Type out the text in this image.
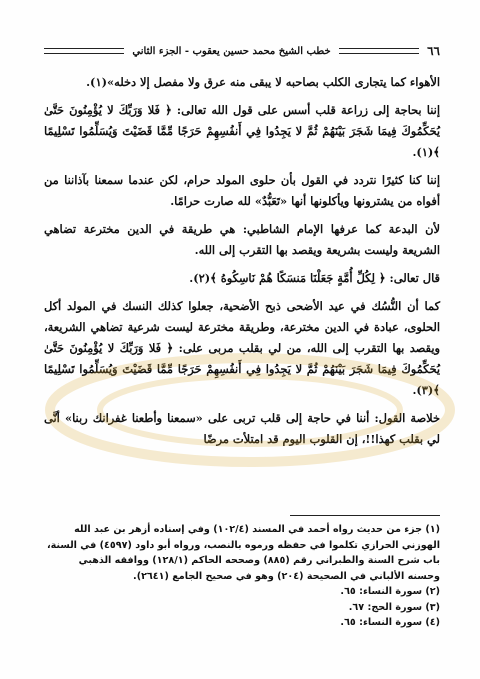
٦٦
خطب الشيخ محمد حسين يعقوب - الجزء الثاني

الأهواء كما يتجارى الكلب بصاحبه لا يبقى منه عرق ولا مفصل إلا دخله»(١).

إننا بحاجة إلى زراعة قلب أسس على قول الله تعالى: ﴿ فَلا وَرَبِّكَ لا يُؤْمِنُونَ حَتَّىٰ يُحَكِّمُوكَ فِيمَا شَجَرَ بَيْنَهُمْ ثُمَّ لا يَجِدُوا فِي أَنفُسِهِمْ حَرَجًا مِّمَّا قَضَيْتَ وَيُسَلِّمُوا تَسْلِيمًا ﴾(١).

إننا كنا كثيرًا نتردد في القول بأن حلوى المولد حرام، لكن عندما سمعنا بآذاننا من أفواه من يشترونها ويأكلونها أنها «تَعَبُّدٌ» لله صارت حرامًا.

لأن البدعة كما عرفها الإمام الشاطبي: هي طريقة في الدين مخترعة تضاهي الشريعة وليست بشريعة ويقصد بها التقرب إلى الله.

قال تعالى: ﴿ لِكُلِّ أُمَّةٍ جَعَلْنَا مَنسَكًا هُمْ نَاسِكُوهُ ﴾(٢).

كما أن النُّسُك في عيد الأضحى ذبح الأضحية، جعلوا كذلك النسك في المولد أكل الحلوى، عبادة في الدين مخترعة، وطريقة مخترعة ليست شرعية تضاهي الشريعة، ويقصد بها التقرب إلى الله، من لي بقلب مربى على: ﴿ فَلا وَرَبِّكَ لا يُؤْمِنُونَ حَتَّىٰ يُحَكِّمُوكَ فِيمَا شَجَرَ بَيْنَهُمْ ثُمَّ لا يَجِدُوا فِي أَنفُسِهِمْ حَرَجًا مِّمَّا قَضَيْتَ وَيُسَلِّمُوا تَسْلِيمًا ﴾(٣).

خلاصة القول: أننا في حاجة إلى قلب تربى على «سمعنا وأطعنا غفرانك ربنا» أنَّى لي بقلب كهذا!!، إن القلوب اليوم قد امتلأت مرضًا

(١) جزء من حديث رواه أحمد في المسند (١٠٢/٤) وفي إسناده أزهر بن عبد الله الهوزني الحرازي تكلموا في حفظه ورموه بالنصب، ورواه أبو داود (٤٥٩٧) في السنة، باب شرح السنة والطبراني رقم (٨٨٥) وصححه الحاكم (١٢٨/١) ووافقه الذهبي وحسنه الألباني في الصحيحة (٢٠٤) وهو في صحيح الجامع (٢٦٤١).

(٢) سورة النساء: ٦٥.

(٣) سورة الحج: ٦٧.

(٤) سورة النساء: ٦٥.
